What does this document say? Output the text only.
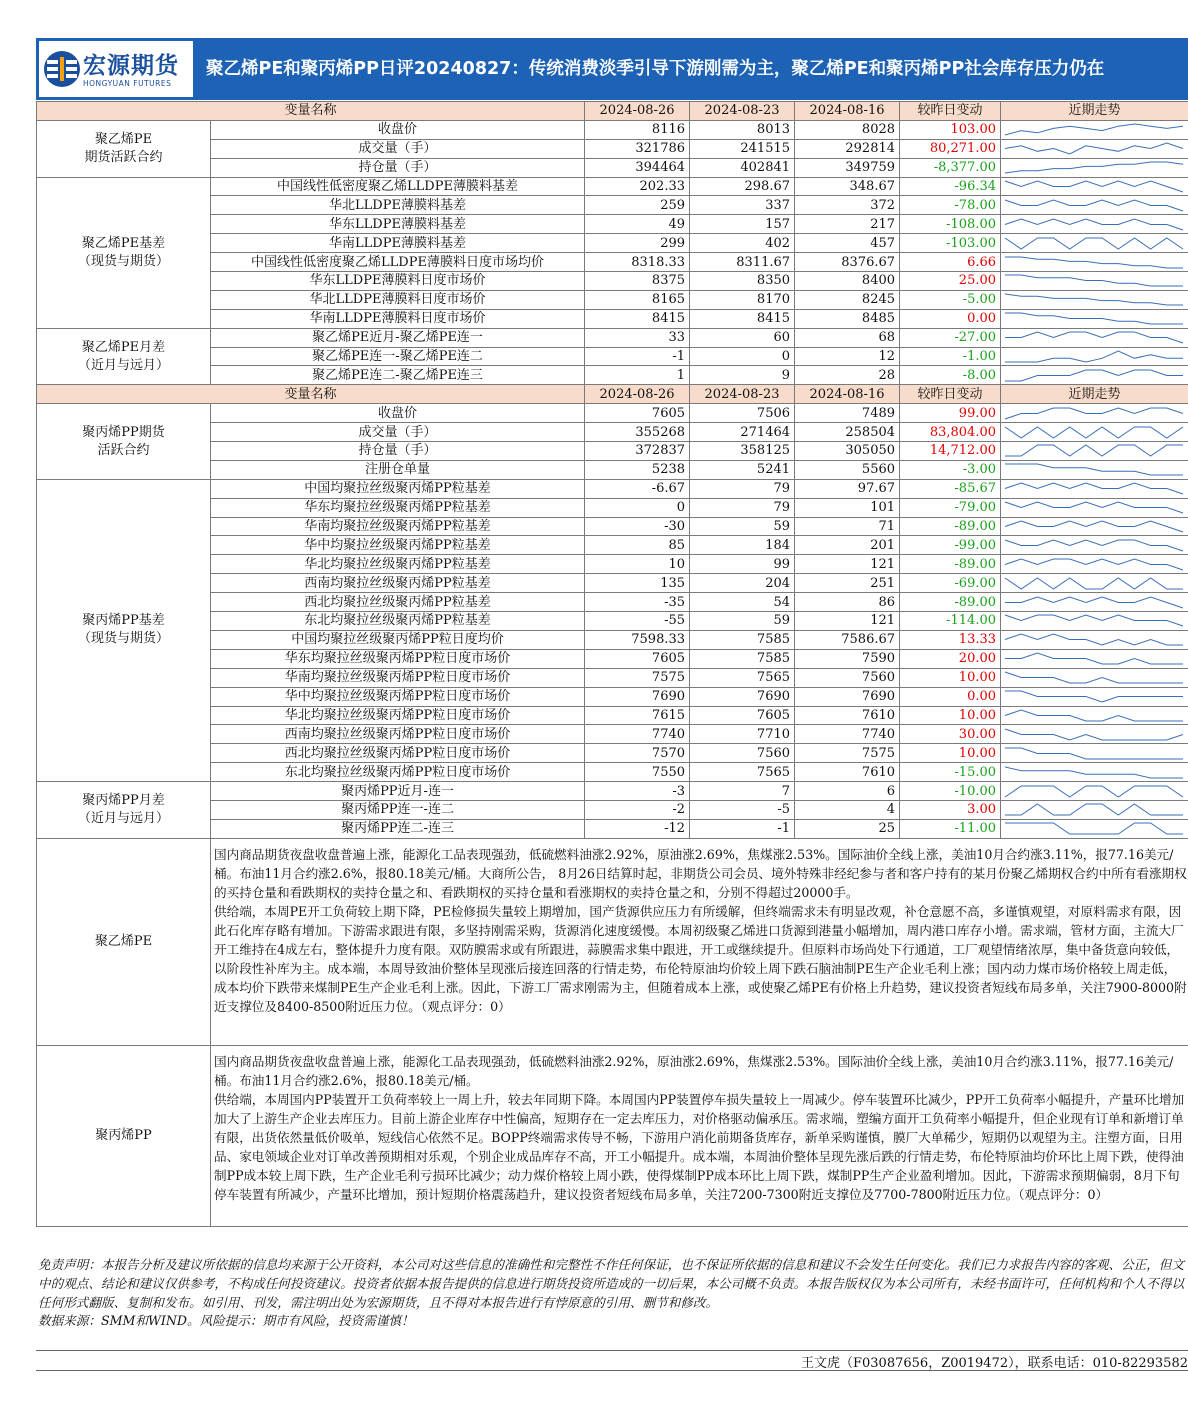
宏源期货
HONGYUAN FUTURES
聚乙烯PE和聚丙烯PP日评20240827：传统消费淡季引导下游刚需为主，聚乙烯PE和聚丙烯PP社会库存压力仍在
变量名称		2024-08-26	2024-08-23	2024-08-16	较昨日变动	近期走势

聚乙烯PE
期货活跃合约	收盘价	8116	8013	8028	103.00	

	成交量（手）	321786	241515	292814	80,271.00	

	持仓量（手）	394464	402841	349759	-8,377.00	

聚乙烯PE基差
（现货与期货）	中国线性低密度聚乙烯LLDPE薄膜料基差	202.33	298.67	348.67	-96.34	

	华北LLDPE薄膜料基差	259	337	372	-78.00	

	华东LLDPE薄膜料基差	49	157	217	-108.00	

	华南LLDPE薄膜料基差	299	402	457	-103.00	

	中国线性低密度聚乙烯LLDPE薄膜料日度市场均价	8318.33	8311.67	8376.67	6.66	

	华东LLDPE薄膜料日度市场价	8375	8350	8400	25.00	

	华北LLDPE薄膜料日度市场价	8165	8170	8245	-5.00	

	华南LLDPE薄膜料日度市场价	8415	8415	8485	0.00	

聚乙烯PE月差
（近月与远月）	聚乙烯PE近月-聚乙烯PE连一	33	60	68	-27.00	

	聚乙烯PE连一-聚乙烯PE连二	-1	0	12	-1.00	

	聚乙烯PE连二-聚乙烯PE连三	1	9	28	-8.00	

变量名称		2024-08-26	2024-08-23	2024-08-16	较昨日变动	近期走势

聚丙烯PP期货
活跃合约	收盘价	7605	7506	7489	99.00	

	成交量（手）	355268	271464	258504	83,804.00	

	持仓量（手）	372837	358125	305050	14,712.00	

	注册仓单量	5238	5241	5560	-3.00	

聚丙烯PP基差
（现货与期货）	中国均聚拉丝级聚丙烯PP粒基差	-6.67	79	97.67	-85.67	

	华东均聚拉丝级聚丙烯PP粒基差	0	79	101	-79.00	

	华南均聚拉丝级聚丙烯PP粒基差	-30	59	71	-89.00	

	华中均聚拉丝级聚丙烯PP粒基差	85	184	201	-99.00	

	华北均聚拉丝级聚丙烯PP粒基差	10	99	121	-89.00	

	西南均聚拉丝级聚丙烯PP粒基差	135	204	251	-69.00	

	西北均聚拉丝级聚丙烯PP粒基差	-35	54	86	-89.00	

	东北均聚拉丝级聚丙烯PP粒基差	-55	59	121	-114.00	

	中国均聚拉丝级聚丙烯PP粒日度均价	7598.33	7585	7586.67	13.33	

	华东均聚拉丝级聚丙烯PP粒日度市场价	7605	7585	7590	20.00	

	华南均聚拉丝级聚丙烯PP粒日度市场价	7575	7565	7560	10.00	

	华中均聚拉丝级聚丙烯PP粒日度市场价	7690	7690	7690	0.00	

	华北均聚拉丝级聚丙烯PP粒日度市场价	7615	7605	7610	10.00	

	西南均聚拉丝级聚丙烯PP粒日度市场价	7740	7710	7740	30.00	

	西北均聚拉丝级聚丙烯PP粒日度市场价	7570	7560	7575	10.00	

	东北均聚拉丝级聚丙烯PP粒日度市场价	7550	7565	7610	-15.00	

聚丙烯PP月差
（近月与远月）	聚丙烯PP近月-连一	-3	7	6	-10.00	

	聚丙烯PP连一-连二	-2	-5	4	3.00	

	聚丙烯PP连二-连三	-12	-1	25	-11.00	

聚乙烯PE	国内商品期货夜盘收盘普遍上涨，能源化工品表现强劲，低硫燃料油涨2.92%，原油涨2.69%，焦煤涨2.53%。国际油价全线上涨，美油10月合约涨3.11%，报77.16美元/桶。布油11月合约涨2.6%，报80.18美元/桶。大商所公告， 8月26日结算时起，非期货公司会员、境外特殊非经纪参与者和客户持有的某月份聚乙烯期权合约中所有看涨期权的买持仓量和看跌期权的卖持仓量之和、看跌期权的买持仓量和看涨期权的卖持仓量之和，分别不得超过20000手。

供给端，本周PE开工负荷较上期下降，PE检修损失量较上期增加，国产货源供应压力有所缓解，但终端需求未有明显改观，补仓意愿不高，多谨慎观望，对原料需求有限，因此石化库存略有增加。下游需求跟进有限，多坚持刚需采购，货源消化速度缓慢。本周初级聚乙烯进口货源到港量小幅增加，周内港口库存小增。需求端，管材方面，主流大厂开工维持在4成左右，整体提升力度有限。双防膜需求或有所跟进，蒜膜需求集中跟进，开工或继续提升。但原料市场尚处下行通道，工厂观望情绪浓厚，集中备货意向较低，以阶段性补库为主。成本端，本周导致油价整体呈现涨后接连回落的行情走势，布伦特原油均价较上周下跌石脑油制PE生产企业毛利上涨；国内动力煤市场价格较上周走低，成本均价下跌带来煤制PE生产企业毛利上涨。因此，下游工厂需求刚需为主，但随着成本上涨，或使聚乙烯PE有价格上升趋势，建议投资者短线布局多单，关注7900-8000附近支撑位及8400-8500附近压力位。（观点评分：0）					

聚丙烯PP	国内商品期货夜盘收盘普遍上涨，能源化工品表现强劲，低硫燃料油涨2.92%，原油涨2.69%，焦煤涨2.53%。国际油价全线上涨，美油10月合约涨3.11%，报77.16美元/桶。布油11月合约涨2.6%，报80.18美元/桶。

供给端，本周国内PP装置开工负荷率较上一周上升，较去年同期下降。本周国内PP装置停车损失量较上一周减少。停车装置环比减少，PP开工负荷率小幅提升，产量环比增加加大了上游生产企业去库压力。目前上游企业库存中性偏高，短期存在一定去库压力，对价格驱动偏承压。需求端，塑编方面开工负荷率小幅提升，但企业现有订单和新增订单有限，出货依然量低价吸单，短线信心依然不足。BOPP终端需求传导不畅，下游用户消化前期备货库存，新单采购谨慎，膜厂大单稀少，短期仍以观望为主。注塑方面，日用品、家电领域企业对订单改善预期相对乐观，个别企业成品库存不高，开工小幅提升。成本端，本周油价整体呈现先涨后跌的行情走势，布伦特原油均价环比上周下跌，使得油制PP成本较上周下跌，生产企业毛利亏损环比减少；动力煤价格较上周小跌，使得煤制PP成本环比上周下跌，煤制PP生产企业盈利增加。因此，下游需求预期偏弱，8月下旬停车装置有所减少，产量环比增加，预计短期价格震荡趋升，建议投资者短线布局多单，关注7200-7300附近支撑位及7700-7800附近压力位。（观点评分：0）					

免责声明：本报告分析及建议所依据的信息均来源于公开资料，本公司对这些信息的准确性和完整性不作任何保证，也不保证所依据的信息和建议不会发生任何变化。我们已力求报告内容的客观、公正，但文中的观点、结论和建议仅供参考，不构成任何投资建议。投资者依据本报告提供的信息进行期货投资所造成的一切后果，本公司概不负责。本报告版权仅为本公司所有，未经书面许可，任何机构和个人不得以任何形式翻版、复制和发布。如引用、刊发，需注明出处为宏源期货，且不得对本报告进行有悖原意的引用、删节和修改。

数据来源：SMM和WIND。风险提示：期市有风险，投资需谨慎！

王文虎（F03087656，Z0019472），联系电话：010-82293582
